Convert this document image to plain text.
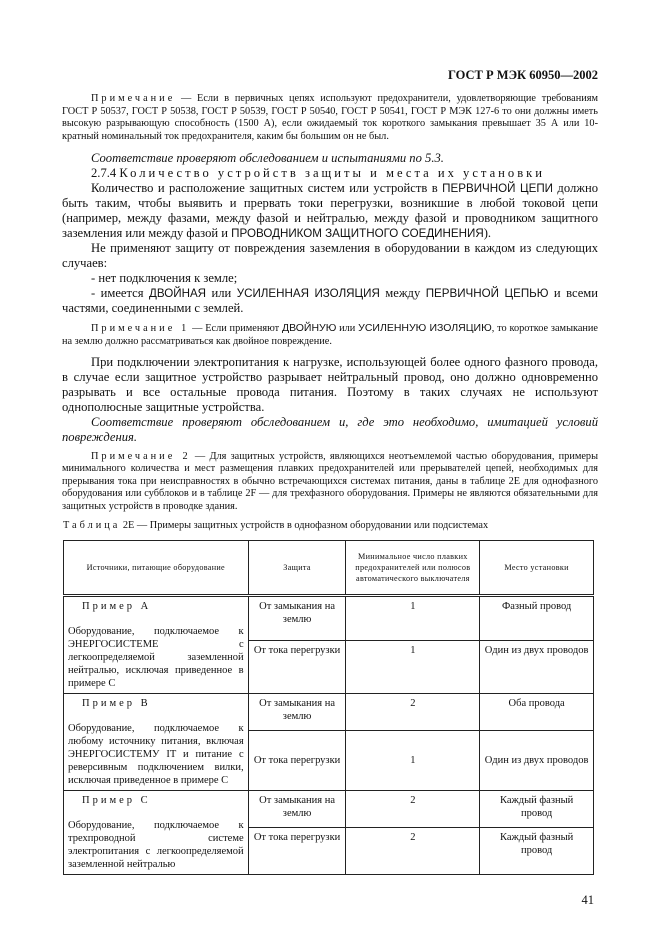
ГОСТ Р МЭК 60950—2002
Примечание — Если в первичных цепях используют предохранители, удовлетворяющие требованиям ГОСТ Р 50537, ГОСТ Р 50538, ГОСТ Р 50539, ГОСТ Р 50540, ГОСТ Р 50541, ГОСТ Р МЭК 127-6 то они должны иметь высокую разрывающую способность (1500 А), если ожидаемый ток короткого замыкания превышает 35 А или 10-кратный номинальный ток предохранителя, каким бы большим он не был.
Соответствие проверяют обследованием и испытаниями по 5.3.
2.7.4 Количество устройств защиты и места их установки
Количество и расположение защитных систем или устройств в ПЕРВИЧНОЙ ЦЕПИ должно быть таким, чтобы выявить и прервать токи перегрузки, возникшие в любой токовой цепи (например, между фазами, между фазой и нейтралью, между фазой и проводником защитного заземления или между фазой и ПРОВОДНИКОМ ЗАЩИТНОГО СОЕДИНЕНИЯ).
Не применяют защиту от повреждения заземления в оборудовании в каждом из следующих случаев:
- нет подключения к земле;
- имеется ДВОЙНАЯ или УСИЛЕННАЯ ИЗОЛЯЦИЯ между ПЕРВИЧНОЙ ЦЕПЬЮ и всеми частями, соединенными с землей.
Примечание 1 — Если применяют ДВОЙНУЮ или УСИЛЕННУЮ ИЗОЛЯЦИЮ, то короткое замыкание на землю должно рассматриваться как двойное повреждение.
При подключении электропитания к нагрузке, использующей более одного фазного провода, в случае если защитное устройство разрывает нейтральный провод, оно должно одновременно разрывать и все остальные провода питания. Поэтому в таких случаях не используют однополюсные защитные устройства.
Соответствие проверяют обследованием и, где это необходимо, имитацией условий повреждения.
Примечание 2 — Для защитных устройств, являющихся неотъемлемой частью оборудования, примеры минимального количества и мест размещения плавких предохранителей или прерывателей цепей, необходимых для прерывания тока при неисправностях в обычно встречающихся системах питания, даны в таблице 2Е для однофазного оборудования или субблоков и в таблице 2F — для трехфазного оборудования. Примеры не являются обязательными для защитных устройств в проводке здания.
Таблица 2Е — Примеры защитных устройств в однофазном оборудовании или подсистемах
Источники, питающие оборудование	Защита	Минимальное число плавких предохранителей или полюсов автоматического выключателя	Место установки

Пример А
Оборудование, подключаемое к ЭНЕРГОСИСТЕМЕ с легкоопределяемой заземленной нейтралью, исключая приведенное в примере С	От замыкания на землю	1	Фазный провод
	От тока перегрузки	1	Один из двух проводов

Пример В
Оборудование, подключаемое к любому источнику питания, включая ЭНЕРГОСИСТЕМУ IT и питание с реверсивным подключением вилки, исключая приведенное в примере С	От замыкания на землю	2	Оба провода
	От тока перегрузки	1	Один из двух проводов

Пример С
Оборудование, подключаемое к трехпроводной системе электропитания с легкоопределяемой заземленной нейтралью	От замыкания на землю	2	Каждый фазный провод
	От тока перегрузки	2	Каждый фазный провод
41
